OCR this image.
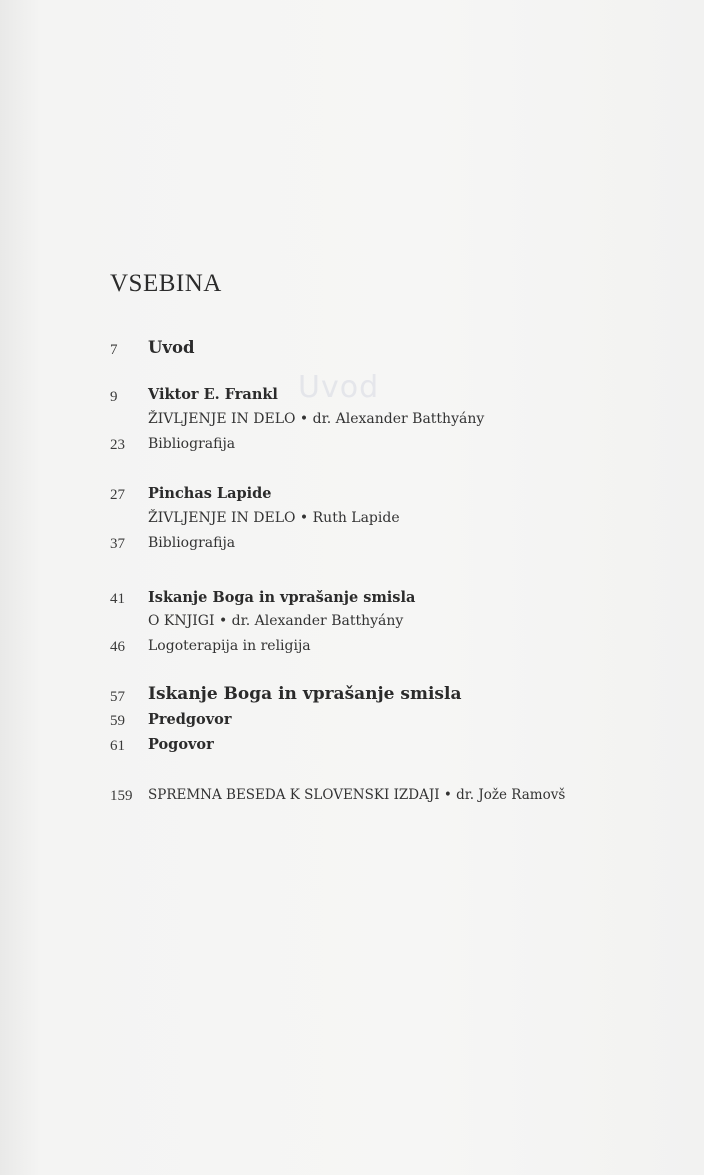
Uvod
VSEBINA
7 Uvod
9 Viktor E. Frankl
ŽIVLJENJE IN DELO • dr. Alexander Batthyány
23 Bibliografija
27 Pinchas Lapide
ŽIVLJENJE IN DELO • Ruth Lapide
37 Bibliografija
41 Iskanje Boga in vprašanje smisla
O KNJIGI • dr. Alexander Batthyány
46 Logoterapija in religija
57 Iskanje Boga in vprašanje smisla
59 Predgovor
61 Pogovor
159 SPREMNA BESEDA K SLOVENSKI IZDAJI • dr. Jože Ramovš
